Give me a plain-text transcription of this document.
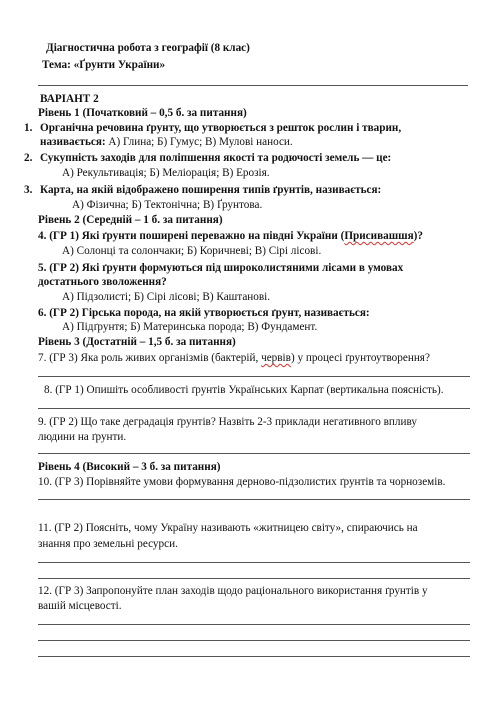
Діагностична робота з географії (8 клас)
Тема: «Ґрунти України»
ВАРІАНТ 2
Рівень 1 (Початковий – 0,5 б. за питання)
1. Органічна речовина ґрунту, що утворюється з решток рослин і тварин,
називається: А) Глина; Б) Гумус; В) Мулові наноси.
2. Сукупність заходів для поліпшення якості та родючості земель — це:
А) Рекультивація; Б) Меліорація; В) Ерозія.
3. Карта, на якій відображено поширення типів ґрунтів, називається:
А) Фізична; Б) Тектонічна; В) Ґрунтова.
Рівень 2 (Середній – 1 б. за питання)
4. (ГР 1) Які ґрунти поширені переважно на півдні України (Присивашшя)?
А) Солонці та солончаки; Б) Коричневі; В) Сірі лісові.
5. (ГР 2) Які ґрунти формуються під широколистяними лісами в умовах
достатнього зволоження?
А) Підзолисті; Б) Сірі лісові; В) Каштанові.
6. (ГР 2) Гірська порода, на якій утворюється ґрунт, називається:
А) Підґрунтя; Б) Материнська порода; В) Фундамент.
Рівень 3 (Достатній – 1,5 б. за питання)
7. (ГР 3) Яка роль живих організмів (бактерій, червів) у процесі ґрунтоутворення?
8. (ГР 1) Опишіть особливості ґрунтів Українських Карпат (вертикальна поясність).
9. (ГР 2) Що таке деградація ґрунтів? Назвіть 2-3 приклади негативного впливу
людини на ґрунти.
Рівень 4 (Високий – 3 б. за питання)
10. (ГР 3) Порівняйте умови формування дерново-підзолистих ґрунтів та чорноземів.
11. (ГР 2) Поясніть, чому Україну називають «житницею світу», спираючись на
знання про земельні ресурси.
12. (ГР 3) Запропонуйте план заходів щодо раціонального використання ґрунтів у
вашій місцевості.
